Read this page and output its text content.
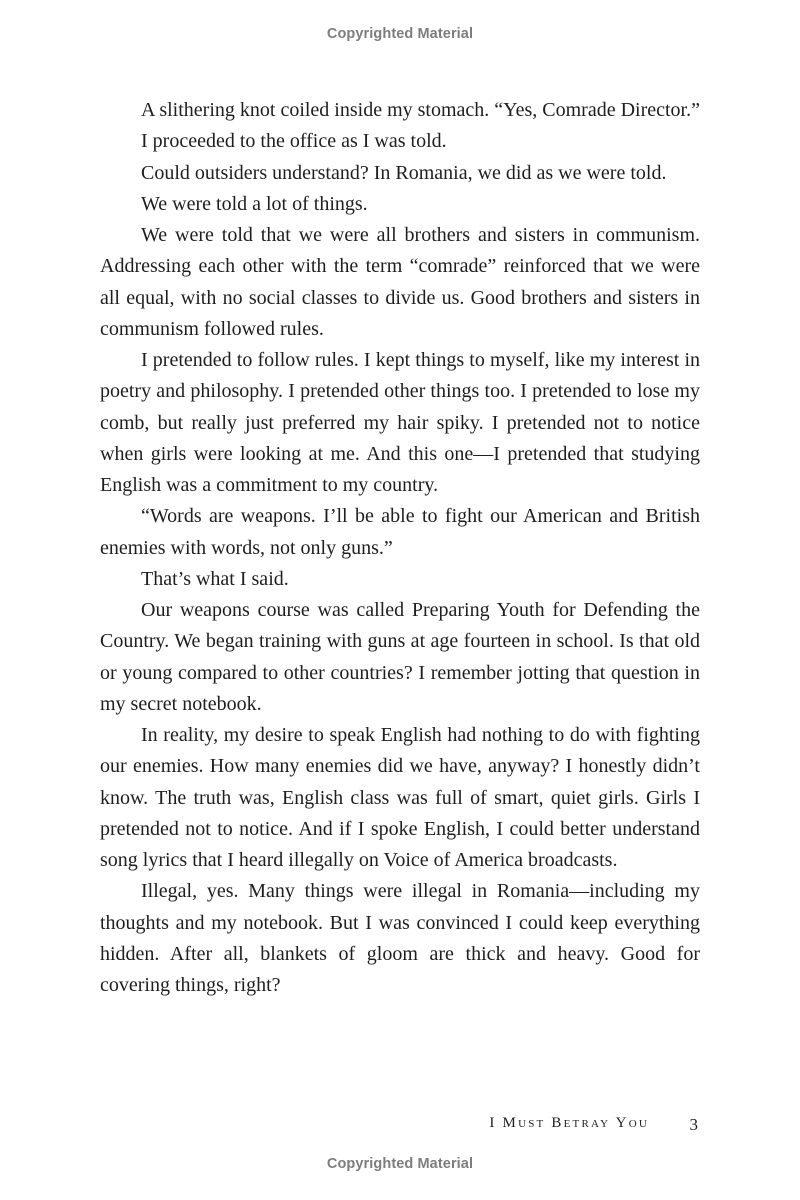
Copyrighted Material

A slithering knot coiled inside my stomach. “Yes, Comrade Director.”

I proceeded to the office as I was told.

Could outsiders understand? In Romania, we did as we were told.

We were told a lot of things.

We were told that we were all brothers and sisters in communism. Addressing each other with the term “comrade” reinforced that we were all equal, with no social classes to divide us. Good brothers and sisters in communism followed rules.

I pretended to follow rules. I kept things to myself, like my interest in poetry and philosophy. I pretended other things too. I pretended to lose my comb, but really just preferred my hair spiky. I pretended not to notice when girls were looking at me. And this one—I pretended that studying English was a commitment to my country.

“Words are weapons. I’ll be able to fight our American and British enemies with words, not only guns.”

That’s what I said.

Our weapons course was called Preparing Youth for Defending the Country. We began training with guns at age fourteen in school. Is that old or young compared to other countries? I remember jotting that question in my secret notebook.

In reality, my desire to speak English had nothing to do with fighting our enemies. How many enemies did we have, anyway? I honestly didn’t know. The truth was, English class was full of smart, quiet girls. Girls I pretended not to notice. And if I spoke English, I could better understand song lyrics that I heard illegally on Voice of America broadcasts.

Illegal, yes. Many things were illegal in Romania—including my thoughts and my notebook. But I was convinced I could keep everything hidden. After all, blankets of gloom are thick and heavy. Good for covering things, right?

I Must Betray You 3
Copyrighted Material
